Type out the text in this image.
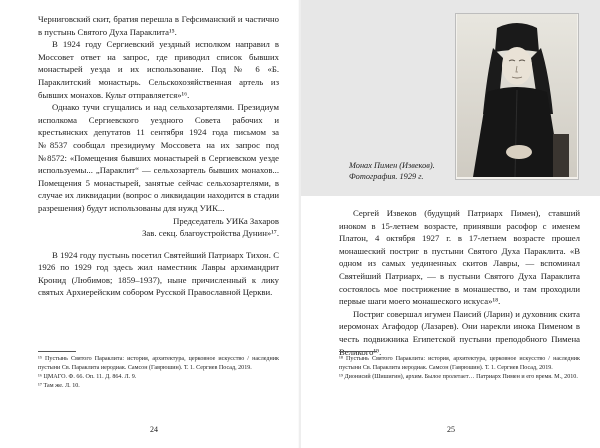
Черниговский скит, братия перешла в Гефсиманский и частично в пустынь Святого Духа Параклита¹⁵.

В 1924 году Сергиевский уездный исполком направил в Моссовет ответ на запрос, где приводил список бывших монастырей уезда и их использование. Под № 6 «Б. Параклитский монастырь. Сельскохозяйственная артель из бывших монахов. Культ отправляется»¹⁶.

Однако тучи сгущались и над сельхозартелями. Президиум исполкома Сергиевского уездного Совета рабочих и крестьянских депутатов 11 сентября 1924 года письмом за №8537 сообщал президиуму Моссовета на их запрос под №8572: «Помещения бывших монастырей в Сергиевском уезде используемы... „Параклит“ — сельхозартель бывших монахов... Помещения 5 монастырей, занятые сейчас сельхозартелями, в случае их ликвидации (вопрос о ликвидации находится в стадии разрешения) будут использованы для нужд УИК...

Председатель УИКа Захаров

Зав. секц. благоустройства Дунин»¹⁷.

В 1924 году пустынь посетил Святейший Патриарх Тихон. С 1926 по 1929 год здесь жил наместник Лавры архимандрит Кронид (Любимов; 1859–1937), ныне причисленный к лику святых Архиерейским собором Русской Православной Церкви.

¹⁵ Пустынь Святого Параклита: история, архитектура, церковное искусство / наследник пустыни Св. Параклита иеродиак. Самсон (Гаврюшин). Т. 1. Сергиев Посад, 2019.

¹⁶ ЦМАГО. Ф. 66. Оп. 11. Д. 864. Л. 9.

¹⁷ Там же. Л. 10.

24
Монах Пимен (Извеков).
Фотография. 1929 г.

Сергей Извеков (будущий Патриарх Пимен), ставший иноком в 15-летнем возрасте, принявши расофор с именем Платон, 4 октября 1927 г. в 17-летнем возрасте прошел монашеский постриг в пустыни Святого Духа Параклита. «В одном из самых уединенных скитов Лавры, — вспоминал Святейший Патриарх, — в пустыни Святого Духа Параклита состоялось мое пострижение в монашество, и там проходили первые шаги моего монашеского искуса»¹⁸.

Постриг совершал игумен Паисий (Ларин) и духовник скита иеромонах Агафодор (Лазарев). Они нарекли инока Пименом в честь подвижника Египетской пустыни преподобного Пимена Великого¹⁹.

¹⁸ Пустынь Святого Параклита: история, архитектура, церковное искусство / наследник пустыни Св. Параклита иеродиак. Самсон (Гаврюшин). Т. 1. Сергиев Посад, 2019.

¹⁹ Дионисий (Шишигин), архим. Былое пролетает… Патриарх Пимен и его время. М., 2010.

25
